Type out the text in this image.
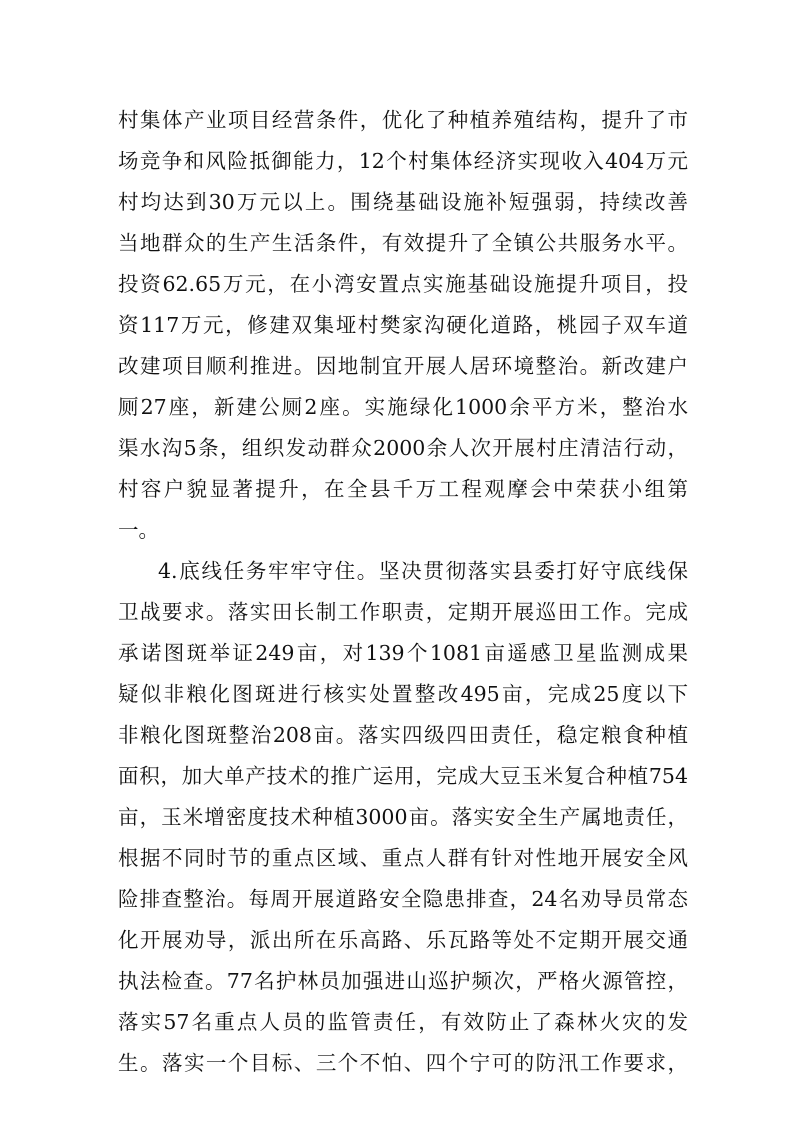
村集体产业项目经营条件，优化了种植养殖结构，提升了市
场竞争和风险抵御能力，12个村集体经济实现收入404万元
村均达到30万元以上。围绕基础设施补短强弱，持续改善
当地群众的生产生活条件，有效提升了全镇公共服务水平。
投资62.65万元，在小湾安置点实施基础设施提升项目，投
资117万元，修建双集垭村樊家沟硬化道路，桃园子双车道
改建项目顺利推进。因地制宜开展人居环境整治。新改建户
厕27座，新建公厕2座。实施绿化1000余平方米，整治水
渠水沟5条，组织发动群众2000余人次开展村庄清洁行动，
村容户貌显著提升，在全县千万工程观摩会中荣获小组第
一。
4.底线任务牢牢守住。坚决贯彻落实县委打好守底线保
卫战要求。落实田长制工作职责，定期开展巡田工作。完成
承诺图斑举证249亩，对139个1081亩遥感卫星监测成果
疑似非粮化图斑进行核实处置整改495亩，完成25度以下
非粮化图斑整治208亩。落实四级四田责任，稳定粮食种植
面积，加大单产技术的推广运用，完成大豆玉米复合种植754
亩，玉米增密度技术种植3000亩。落实安全生产属地责任，
根据不同时节的重点区域、重点人群有针对性地开展安全风
险排查整治。每周开展道路安全隐患排查，24名劝导员常态
化开展劝导，派出所在乐高路、乐瓦路等处不定期开展交通
执法检查。77名护林员加强进山巡护频次，严格火源管控，
落实57名重点人员的监管责任，有效防止了森林火灾的发
生。落实一个目标、三个不怕、四个宁可的防汛工作要求，
